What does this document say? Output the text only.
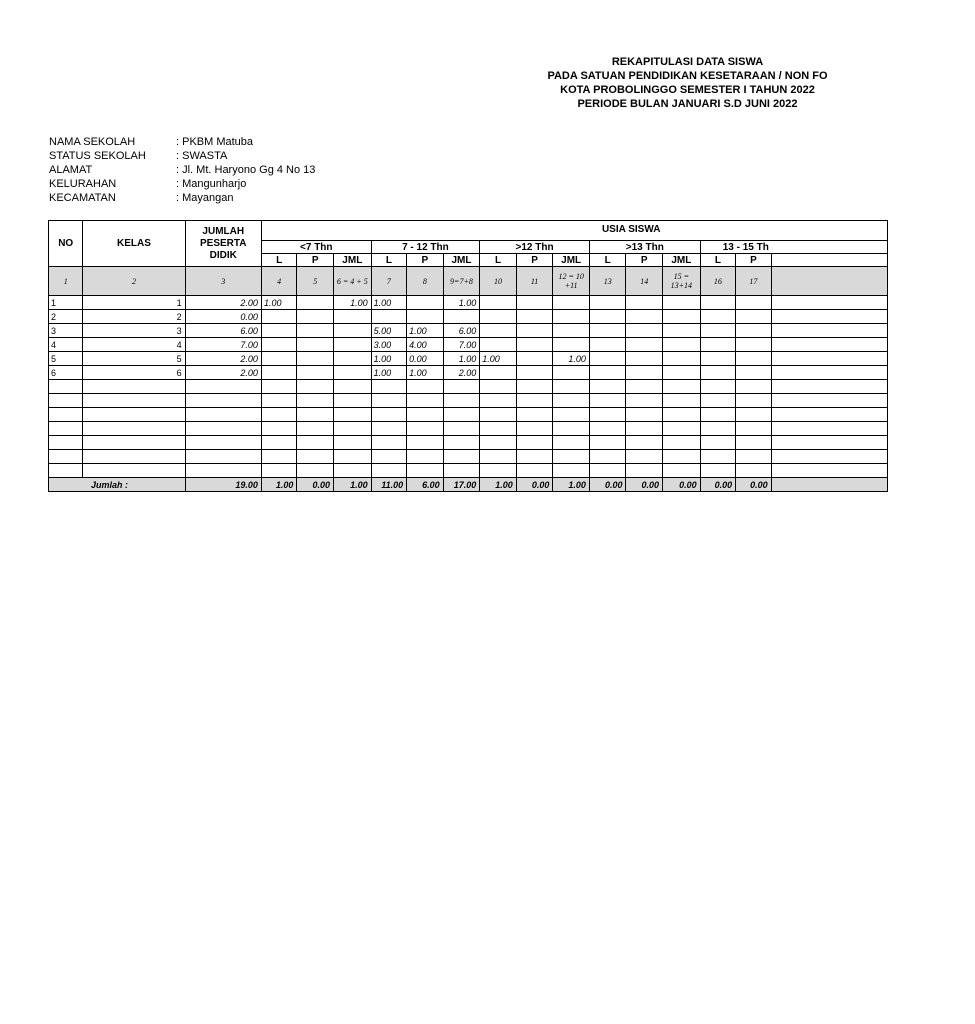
REKAPITULASI DATA SISWA
PADA SATUAN PENDIDIKAN KESETARAAN / NON FO
KOTA PROBOLINGGO SEMESTER I TAHUN 2022
PERIODE BULAN JANUARI S.D JUNI 2022
NAMA SEKOLAH	: PKBM Matuba
STATUS SEKOLAH	: SWASTA
ALAMAT	: Jl. Mt. Haryono Gg 4 No 13
KELURAHAN	: Mangunharjo
KECAMATAN	: Mayangan
NO	KELAS	JUMLAH PESERTA DIDIK	USIA SISWA														

			<7 Thn			7 - 12 Thn			>12 Thn			>13 Thn			13 - 15 Th		
			L	P	JML	L	P	JML	L	P	JML	L	P	JML	L	P	
1	2	3	4	5	6 = 4 + 5	7	8	9=7+8	10	11	12 = 10 +11	13	14	15 = 13+14	16	17	
1	1	2.00	1.00		1.00	1.00		1.00									
2	2	0.00															
3	3	6.00				5.00	1.00	6.00									
4	4	7.00				3.00	4.00	7.00									
5	5	2.00				1.00	0.00	1.00	1.00		1.00						
6	6	2.00				1.00	1.00	2.00									

Jumlah :		19.00	1.00	0.00	1.00	11.00	6.00	17.00	1.00	0.00	1.00	0.00	0.00	0.00	0.00	0.00	
